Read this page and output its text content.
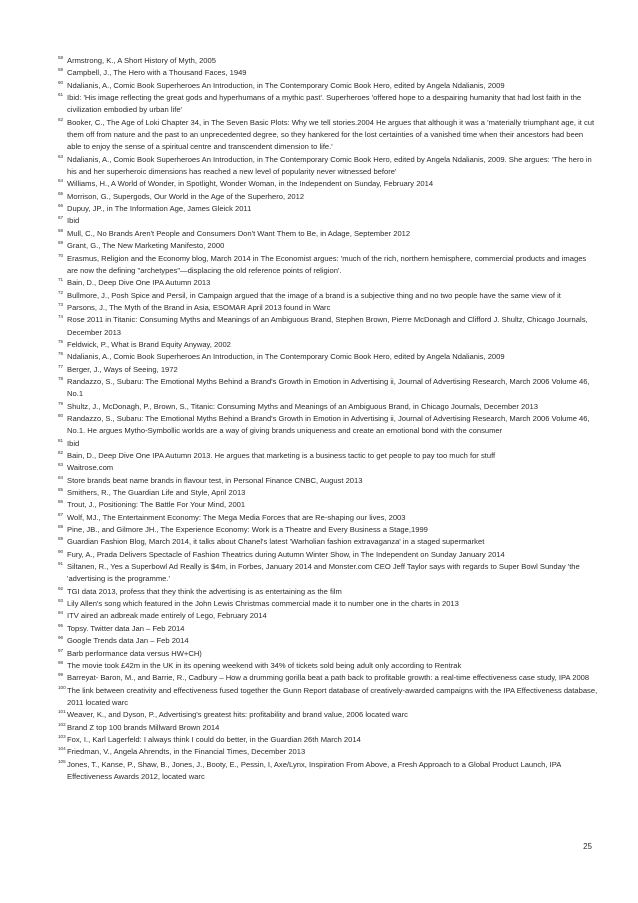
58 Armstrong, K., A Short History of Myth, 2005
59 Campbell, J., The Hero with a Thousand Faces, 1949
60 Ndalianis, A., Comic Book Superheroes An Introduction, in The Contemporary Comic Book Hero, edited by Angela Ndalianis, 2009
61 Ibid: 'His image reflecting the great gods and hyperhumans of a mythic past'. Superheroes 'offered hope to a despairing humanity that had lost faith in the civilization embodied by urban life'
62 Booker, C., The Age of Loki Chapter 34, in The Seven Basic Plots: Why we tell stories.2004 He argues that although it was a 'materially triumphant age, it cut them off from nature and the past to an unprecedented degree, so they hankered for the lost certainties of a vanished time when their ancestors had been able to enjoy the sense of a spiritual centre and transcendent dimension to life.'
63 Ndalianis, A., Comic Book Superheroes An Introduction, in The Contemporary Comic Book Hero, edited by Angela Ndalianis, 2009. She argues: 'The hero in his and her superheroic dimensions has reached a new level of popularity never witnessed before'
64 Williams, H., A World of Wonder, in Spotlight, Wonder Woman, in the Independent on Sunday, February 2014
65 Morrison, G., Supergods, Our World in the Age of the Superhero, 2012
66 Dupuy, JP., in The Information Age, James Gleick 2011
67 Ibid
68 Mull, C., No Brands Aren't People and Consumers Don't Want Them to Be, in Adage, September 2012
69 Grant, G., The New Marketing Manifesto, 2000
70 Erasmus, Religion and the Economy blog, March 2014 in The Economist argues: 'much of the rich, northern hemisphere, commercial products and images are now the defining "archetypes"—displacing the old reference points of religion'.
71 Bain, D., Deep Dive One IPA Autumn 2013
72 Bullmore, J., Posh Spice and Persil, in Campaign argued that the image of a brand is a subjective thing and no two people have the same view of it
73 Parsons, J., The Myth of the Brand in Asia, ESOMAR April 2013 found in Warc
74 Rose 2011 in Titanic: Consuming Myths and Meanings of an Ambiguous Brand, Stephen Brown, Pierre McDonagh and Clifford J. Shultz, Chicago Journals, December 2013
75 Feldwick, P., What is Brand Equity Anyway, 2002
76 Ndalianis, A., Comic Book Superheroes An Introduction, in The Contemporary Comic Book Hero, edited by Angela Ndalianis, 2009
77 Berger, J., Ways of Seeing, 1972
78 Randazzo, S., Subaru: The Emotional Myths Behind a Brand's Growth in Emotion in Advertising ii, Journal of Advertising Research, March 2006 Volume 46, No.1
79 Shultz, J., McDonagh, P., Brown, S., Titanic: Consuming Myths and Meanings of an Ambiguous Brand, in Chicago Journals, December 2013
80 Randazzo, S., Subaru: The Emotional Myths Behind a Brand's Growth in Emotion in Advertising ii, Journal of Advertising Research, March 2006 Volume 46, No.1. He argues Mytho-Symbollic worlds are a way of giving brands uniqueness and create an emotional bond with the consumer
81 Ibid
82 Bain, D., Deep Dive One IPA Autumn 2013. He argues that marketing is a business tactic to get people to pay too much for stuff
83 Waitrose.com
84 Store brands beat name brands in flavour test, in Personal Finance CNBC, August 2013
85 Smithers, R., The Guardian Life and Style, April 2013
86 Trout, J., Positioning: The Battle For Your Mind, 2001
87 Wolf, MJ., The Entertainment Economy: The Mega Media Forces that are Re-shaping our lives, 2003
88 Pine, JB., and Gilmore JH., The Experience Economy: Work is a Theatre and Every Business a Stage,1999
89 Guardian Fashion Blog, March 2014, it talks about Chanel's latest 'Warholian fashion extravaganza' in a staged supermarket
90 Fury, A., Prada Delivers Spectacle of Fashion Theatrics during Autumn Winter Show, in The Independent on Sunday January 2014
91 Siltanen, R., Yes a Superbowl Ad Really is $4m, in Forbes, January 2014 and Monster.com CEO Jeff Taylor says with regards to Super Bowl Sunday 'the 'advertising is the programme.'
92 TGI data 2013, profess that they think the advertising is as entertaining as the film
93 Lily Allen's song which featured in the John Lewis Christmas commercial made it to number one in the charts in 2013
94 ITV aired an adbreak made entirely of Lego, February 2014
95 Topsy. Twitter data Jan – Feb 2014
96 Google Trends data Jan – Feb 2014
97 Barb performance data versus HW+CH)
98 The movie took £42m in the UK in its opening weekend with 34% of tickets sold being adult only according to Rentrak
99 Barreyat- Baron, M., and Barrie, R., Cadbury – How a drumming gorilla beat a path back to profitable growth: a real-time effectiveness case study, IPA 2008
100 The link between creativity and effectiveness fused together the Gunn Report database of creatively-awarded campaigns with the IPA Effectiveness database, 2011 located warc
101 Weaver, K., and Dyson, P., Advertising's greatest hits: profitability and brand value, 2006 located warc
102 Brand Z top 100 brands Millward Brown 2014
103 Fox, I., Karl Lagerfeld: I always think I could do better, in the Guardian 26th March 2014
104 Friedman, V., Angela Ahrendts, in the Financial Times, December 2013
105 Jones, T., Kanse, P., Shaw, B., Jones, J., Booty, E., Pessin, I, Axe/Lynx, Inspiration From Above, a Fresh Approach to a Global Product Launch, IPA Effectiveness Awards 2012, located warc
25
